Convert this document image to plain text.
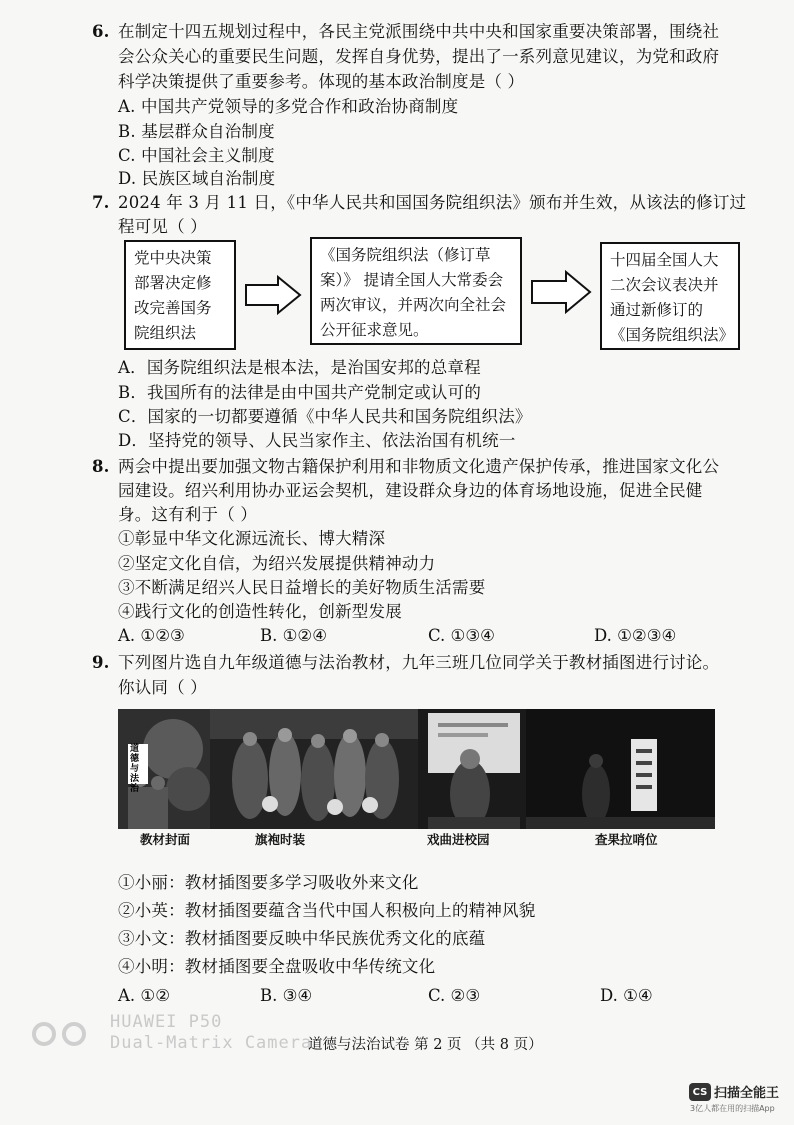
6. 在制定十四五规划过程中，各民主党派围绕中共中央和国家重要决策部署，围绕社
会公众关心的重要民生问题，发挥自身优势，提出了一系列意见建议，为党和政府
科学决策提供了重要参考。体现的基本政治制度是（ ）
A. 中国共产党领导的多党合作和政治协商制度
B. 基层群众自治制度
C. 中国社会主义制度
D. 民族区域自治制度
7. 2024 年 3 月 11 日，《中华人民共和国国务院组织法》颁布并生效，从该法的修订过
程可见（ ）
党中央决策部署决定修改完善国务院组织法
《国务院组织法（修订草案）》 提请全国人大常委会两次审议，并两次向全社会公开征求意见。
十四届全国人大二次会议表决并通过新修订的《国务院组织法》
A．国务院组织法是根本法，是治国安邦的总章程
B．我国所有的法律是由中国共产党制定或认可的
C．国家的一切都要遵循《中华人民共和国务院组织法》
D．坚持党的领导、人民当家作主、依法治国有机统一
8. 两会中提出要加强文物古籍保护利用和非物质文化遗产保护传承，推进国家文化公
园建设。绍兴利用协办亚运会契机，建设群众身边的体育场地设施，促进全民健
身。这有利于（ ）
①彰显中华文化源远流长、博大精深
②坚定文化自信，为绍兴发展提供精神动力
③不断满足绍兴人民日益增长的美好物质生活需要
④践行文化的创造性转化，创新型发展
A. ①②③	B. ①②④	C. ①③④	D. ①②③④
9. 下列图片选自九年级道德与法治教材，九年三班几位同学关于教材插图进行讨论。
你认同（ ）
道德与法治
教材封面	旗袍时装	戏曲进校园	查果拉哨位
①小丽：教材插图要多学习吸收外来文化
②小英：教材插图要蕴含当代中国人积极向上的精神风貌
③小文：教材插图要反映中华民族优秀文化的底蕴
④小明：教材插图要全盘吸收中华传统文化
A. ①②	B. ③④	C. ②③	D. ①④
HUAWEI P50
Dual-Matrix Camera
道德与法治试卷 第 2 页 （共 8 页）
CS 扫描全能王
3亿人都在用的扫描App
